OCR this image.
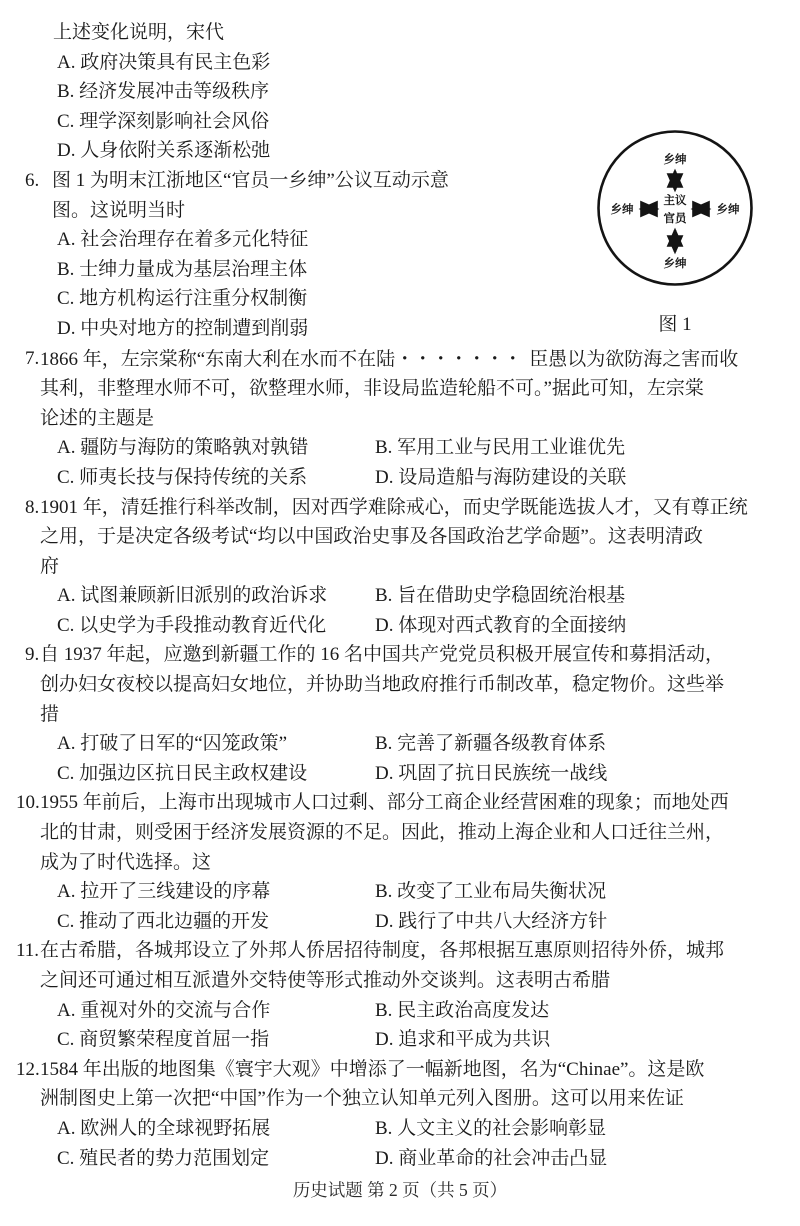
上述变化说明，宋代
A. 政府决策具有民主色彩
B. 经济发展冲击等级秩序
C. 理学深刻影响社会风俗
D. 人身依附关系逐渐松弛
6. 图 1 为明末江浙地区“官员一乡绅”公议互动示意
图。这说明当时
A. 社会治理存在着多元化特征
B. 士绅力量成为基层治理主体
C. 地方机构运行注重分权制衡
D. 中央对地方的控制遭到削弱
7. 1866 年，左宗棠称“东南大利在水而不在陆 ······· 臣愚以为欲防海之害而收
其利，非整理水师不可，欲整理水师，非设局监造轮船不可。”据此可知，左宗棠
论述的主题是
A. 疆防与海防的策略孰对孰错	B. 军用工业与民用工业谁优先
C. 师夷长技与保持传统的关系	D. 设局造船与海防建设的关联
8. 1901 年，清廷推行科举改制，因对西学难除戒心，而史学既能选拔人才，又有尊正统
之用，于是决定各级考试“均以中国政治史事及各国政治艺学命题”。这表明清政
府
A. 试图兼顾新旧派别的政治诉求	B. 旨在借助史学稳固统治根基
C. 以史学为手段推动教育近代化	D. 体现对西式教育的全面接纳
9. 自 1937 年起，应邀到新疆工作的 16 名中国共产党党员积极开展宣传和募捐活动，
创办妇女夜校以提高妇女地位，并协助当地政府推行币制改革，稳定物价。这些举
措
A. 打破了日军的“囚笼政策”	B. 完善了新疆各级教育体系
C. 加强边区抗日民主政权建设	D. 巩固了抗日民族统一战线
10. 1955 年前后，上海市出现城市人口过剩、部分工商企业经营困难的现象；而地处西
北的甘肃，则受困于经济发展资源的不足。因此，推动上海企业和人口迁往兰州，
成为了时代选择。这
A. 拉开了三线建设的序幕	B. 改变了工业布局失衡状况
C. 推动了西北边疆的开发	D. 践行了中共八大经济方针
11. 在古希腊，各城邦设立了外邦人侨居招待制度，各邦根据互惠原则招待外侨，城邦
之间还可通过相互派遣外交特使等形式推动外交谈判。这表明古希腊
A. 重视对外的交流与合作	B. 民主政治高度发达
C. 商贸繁荣程度首屈一指	D. 追求和平成为共识
12. 1584 年出版的地图集《寰宇大观》中增添了一幅新地图，名为“Chinae”。这是欧
洲制图史上第一次把“中国”作为一个独立认知单元列入图册。这可以用来佐证
A. 欧洲人的全球视野拓展	B. 人文主义的社会影响彰显
C. 殖民者的势力范围划定	D. 商业革命的社会冲击凸显
乡绅
乡绅
乡绅	乡绅
主议
官员
图 1
历史试题 第 2 页（共 5 页）
